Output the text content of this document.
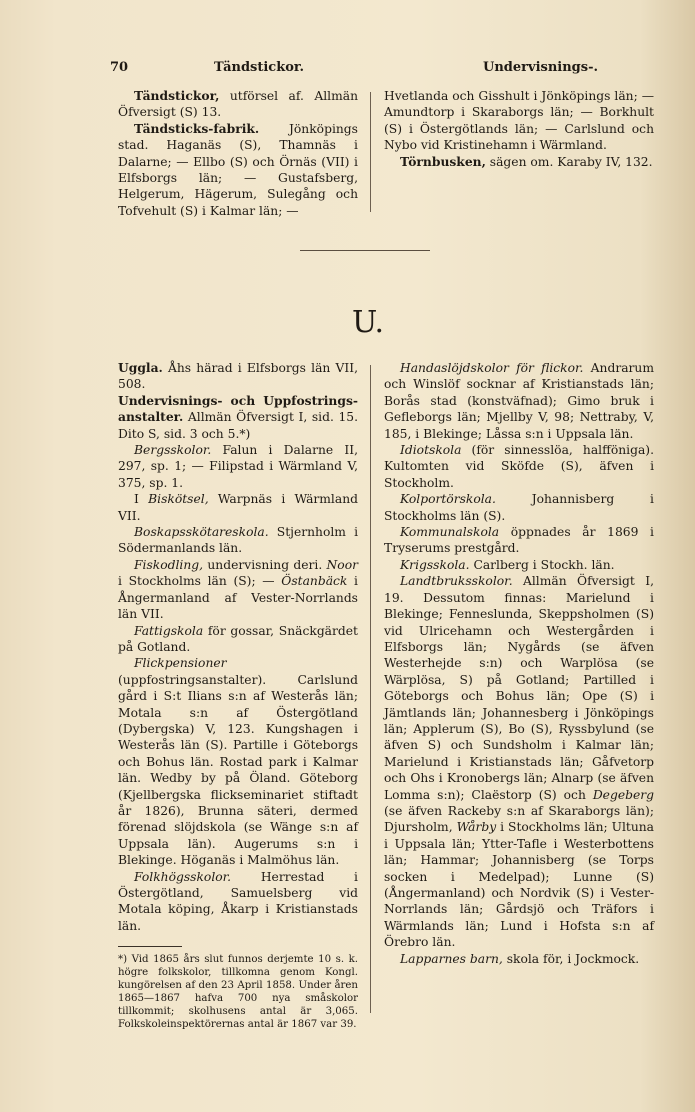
70	Tändstickor.	Undervisnings-.

Tändstickor, utförsel af. Allmän Öfversigt (S) 13.

Tändsticks-fabrik. Jönköpings stad. Haganäs (S), Thamnäs i Dalarne; — Ellbo (S) och Örnäs (VII) i Elfsborgs län; — Gustafsberg, Helgerum, Hägerum, Sulegång och Tofvehult (S) i Kalmar län; —

Hvetlanda och Gisshult i Jönköpings län; — Amundtorp i Skaraborgs län; — Borkhult (S) i Östergötlands län; — Carlslund och Nybo vid Kristinehamn i Wärmland.

Törnbusken, sägen om. Karaby IV, 132.

U.

Uggla. Åhs härad i Elfsborgs län VII, 508.

Undervisnings- och Uppfostrings-anstalter. Allmän Öfversigt I, sid. 15. Dito S, sid. 3 och 5.*)

Bergsskolor. Falun i Dalarne II, 297, sp. 1; — Filipstad i Wärmland V, 375, sp. 1.

I Biskötsel, Warpnäs i Wärmland VII.

Boskapsskötareskola. Stjernholm i Södermanlands län.

Fiskodling, undervisning deri. Noor i Stockholms län (S); — Östanbäck i Ångermanland af Vester-Norrlands län VII.

Fattigskola för gossar, Snäckgärdet på Gotland.

Flickpensioner (uppfostringsanstalter). Carlslund gård i S:t Ilians s:n af Westerås län; Motala s:n af Östergötland (Dybergska) V, 123. Kungshagen i Westerås län (S). Partille i Göteborgs och Bohus län. Rostad park i Kalmar län. Wedby by på Öland. Göteborg (Kjellbergska flickseminariet stiftadt år 1826), Brunna säteri, dermed förenad slöjdskola (se Wänge s:n af Uppsala län). Augerums s:n i Blekinge. Höganäs i Malmöhus län.

Folkhögsskolor. Herrestad i Östergötland, Samuelsberg vid Motala köping, Åkarp i Kristianstads län.

*) Vid 1865 års slut funnos derjemte 10 s. k. högre folkskolor, tillkomna genom Kongl. kungörelsen af den 23 April 1858. Under åren 1865—1867 hafva 700 nya småskolor tillkommit; skolhusens antal är 3,065. Folkskoleinspektörernas antal är 1867 var 39.

Handaslöjdskolor för flickor. Andrarum och Winslöf socknar af Kristianstads län; Borås stad (konstväfnad); Gimo bruk i Gefleborgs län; Mjellby V, 98; Nettraby, V, 185, i Blekinge; Låssa s:n i Uppsala län.

Idiotskola (för sinnesslöa, halfföniga). Kultomten vid Sköfde (S), äfven i Stockholm.

Kolportörskola. Johannisberg i Stockholms län (S).

Kommunalskola öppnades år 1869 i Tryserums prestgård.

Krigsskola. Carlberg i Stockh. län.

Landtbruksskolor. Allmän Öfversigt I, 19. Dessutom finnas: Marielund i Blekinge; Fenneslunda, Skeppsholmen (S) vid Ulricehamn och Westergården i Elfsborgs län; Nygårds (se äfven Westerhejde s:n) och Warplösa (se Wärplösa, S) på Gotland; Partilled i Göteborgs och Bohus län; Ope (S) i Jämtlands län; Johannesberg i Jönköpings län; Applerum (S), Bo (S), Ryssbylund (se äfven S) och Sundsholm i Kalmar län; Marielund i Kristianstads län; Gåfvetorp och Ohs i Kronobergs län; Alnarp (se äfven Lomma s:n); Claëstorp (S) och Degeberg (se äfven Rackeby s:n af Skaraborgs län); Djursholm, Wårby i Stockholms län; Ultuna i Uppsala län; Ytter-Tafle i Westerbottens län; Hammar; Johannisberg (se Torps socken i Medelpad); Lunne (S) (Ångermanland) och Nordvik (S) i Vester-Norrlands län; Gårdsjö och Träfors i Wärmlands län; Lund i Hofsta s:n af Örebro län.

Lapparnes barn, skola för, i Jockmock.
